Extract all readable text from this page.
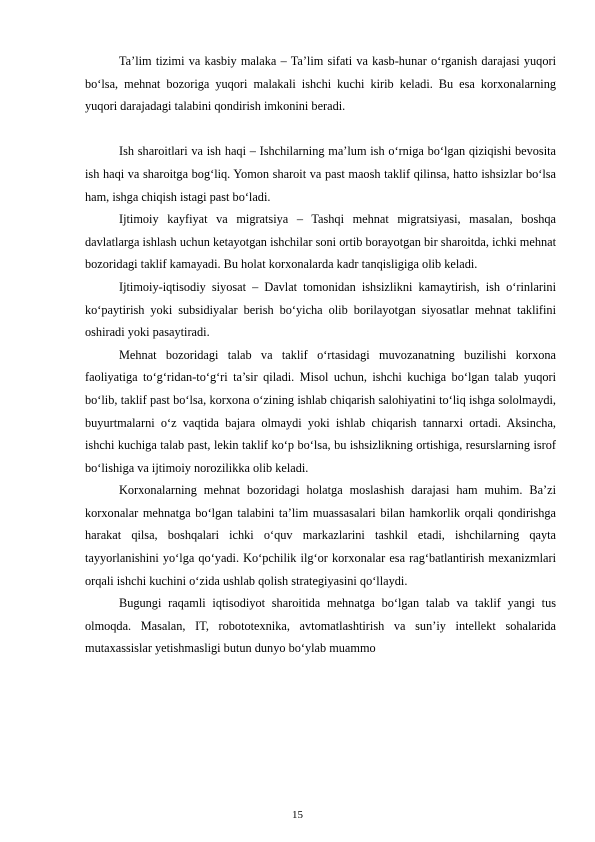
Ta’lim tizimi va kasbiy malaka – Ta’lim sifati va kasb-hunar o‘rganish darajasi yuqori bo‘lsa, mehnat bozoriga yuqori malakali ishchi kuchi kirib keladi. Bu esa korxonalarning yuqori darajadagi talabini qondirish imkonini beradi.

Ish sharoitlari va ish haqi – Ishchilarning ma’lum ish o‘rniga bo‘lgan qiziqishi bevosita ish haqi va sharoitga bog‘liq. Yomon sharoit va past maosh taklif qilinsa, hatto ishsizlar bo‘lsa ham, ishga chiqish istagi past bo‘ladi.

Ijtimoiy kayfiyat va migratsiya – Tashqi mehnat migratsiyasi, masalan, boshqa davlatlarga ishlash uchun ketayotgan ishchilar soni ortib borayotgan bir sharoitda, ichki mehnat bozoridagi taklif kamayadi. Bu holat korxonalarda kadr tanqisligiga olib keladi.

Ijtimoiy-iqtisodiy siyosat – Davlat tomonidan ishsizlikni kamaytirish, ish o‘rinlarini ko‘paytirish yoki subsidiyalar berish bo‘yicha olib borilayotgan siyosatlar mehnat taklifini oshiradi yoki pasaytiradi.

Mehnat bozoridagi talab va taklif o‘rtasidagi muvozanatning buzilishi korxona faoliyatiga to‘g‘ridan-to‘g‘ri ta’sir qiladi. Misol uchun, ishchi kuchiga bo‘lgan talab yuqori bo‘lib, taklif past bo‘lsa, korxona o‘zining ishlab chiqarish salohiyatini to‘liq ishga sololmaydi, buyurtmalarni o‘z vaqtida bajara olmaydi yoki ishlab chiqarish tannarxi ortadi. Aksincha, ishchi kuchiga talab past, lekin taklif ko‘p bo‘lsa, bu ishsizlikning ortishiga, resurslarning isrof bo‘lishiga va ijtimoiy norozilikka olib keladi.

Korxonalarning mehnat bozoridagi holatga moslashish darajasi ham muhim. Ba’zi korxonalar mehnatga bo‘lgan talabini ta’lim muassasalari bilan hamkorlik orqali qondirishga harakat qilsa, boshqalari ichki o‘quv markazlarini tashkil etadi, ishchilarning qayta tayyorlanishini yo‘lga qo‘yadi. Ko‘pchilik ilg‘or korxonalar esa rag‘batlantirish mexanizmlari orqali ishchi kuchini o‘zida ushlab qolish strategiyasini qo‘llaydi.

Bugungi raqamli iqtisodiyot sharoitida mehnatga bo‘lgan talab va taklif yangi tus olmoqda. Masalan, IT, robototexnika, avtomatlashtirish va sun’iy intellekt sohalarida mutaxassislar yetishmasligi butun dunyo bo‘ylab muammo

15
